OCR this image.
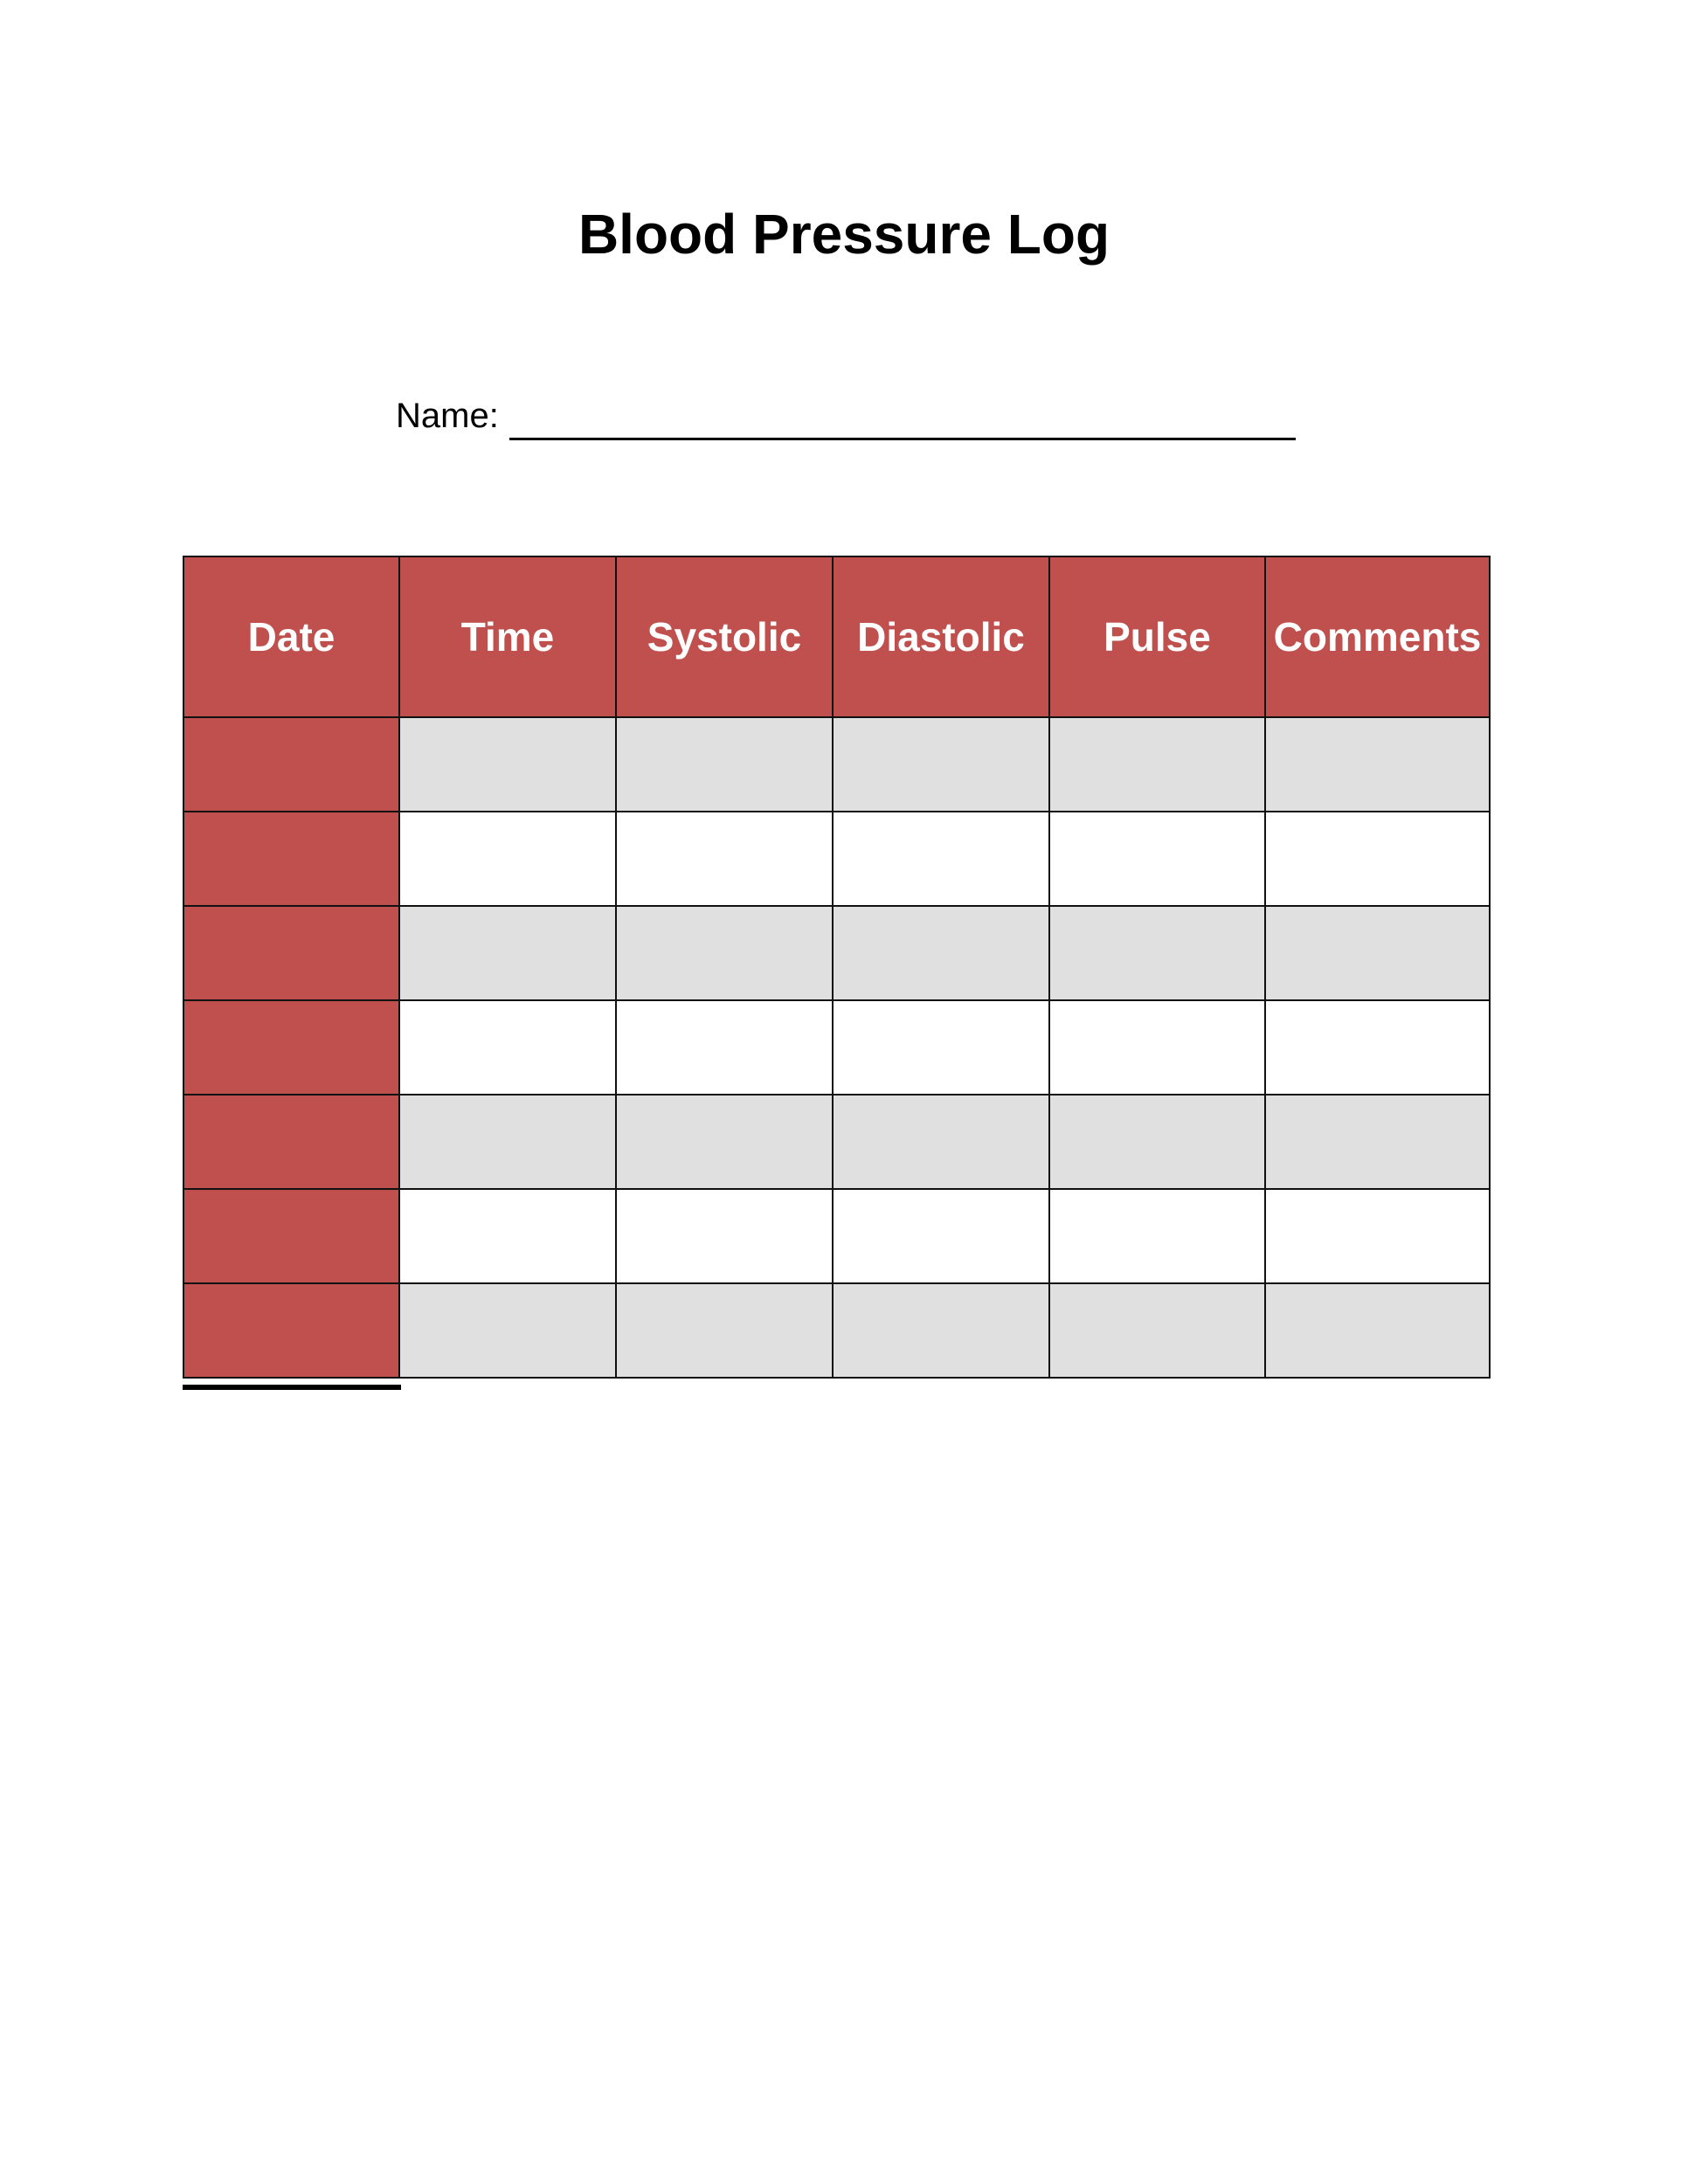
Blood Pressure Log
Name:
Date	Time	Systolic	Diastolic	Pulse	Comments
